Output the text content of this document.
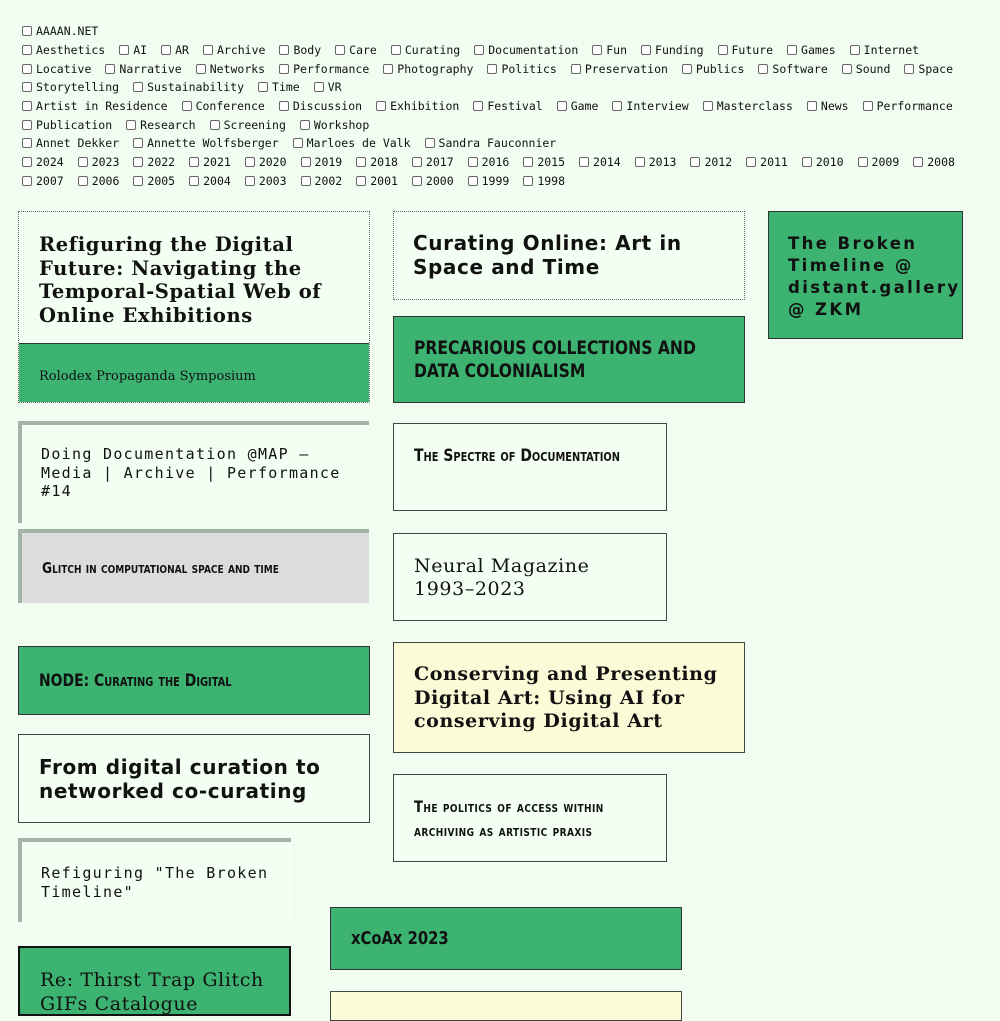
AAAAN.NET
Aesthetics AI AR Archive Body Care Curating Documentation Fun Funding Future Games Internet
Locative Narrative Networks Performance Photography Politics Preservation Publics Software Sound Space
Storytelling Sustainability Time VR
Artist in Residence Conference Discussion Exhibition Festival Game Interview Masterclass News Performance
Publication Research Screening Workshop
Annet Dekker Annette Wolfsberger Marloes de Valk Sandra Fauconnier
2024 2023 2022 2021 2020 2019 2018 2017 2016 2015 2014 2013 2012 2011 2010 2009 2008
2007 2006 2005 2004 2003 2002 2001 2000 1999 1998
Refiguring the Digital Future: Navigating the Temporal-Spatial Web of Online Exhibitions
Rolodex Propaganda Symposium
Doing Documentation @MAP – Media | Archive | Performance #14
Glitch in computational space and time
NODE: Curating the Digital
From digital curation to networked co-curating
Refiguring "The Broken Timeline"
Re: Thirst Trap Glitch GIFs Catalogue
Curating Online: Art in Space and Time
PRECARIOUS COLLECTIONS AND DATA COLONIALISM
The Spectre of Documentation
Neural Magazine 1993–2023
Conserving and Presenting Digital Art: Using AI for conserving Digital Art
The politics of access within archiving as artistic praxis
xCoAx 2023
The Broken Timeline @ distant.gallery @ ZKM
